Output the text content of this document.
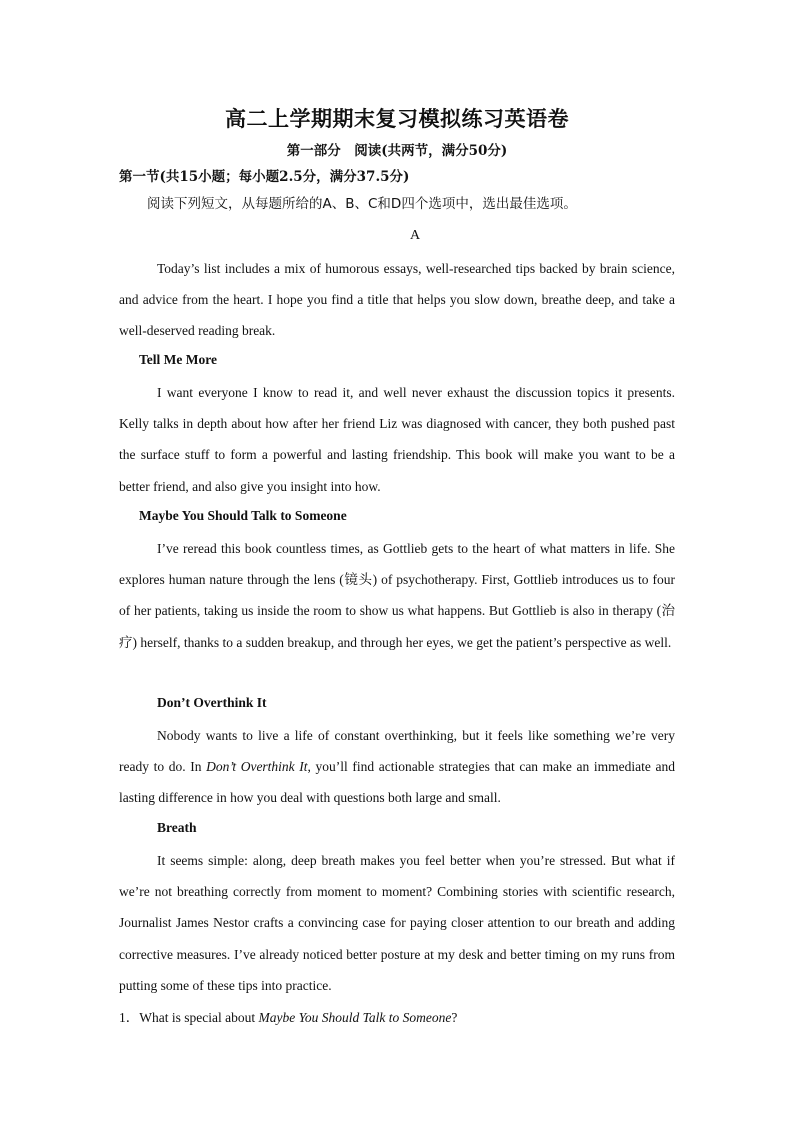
高二上学期期末复习模拟练习英语卷
第一部分　阅读(共两节，满分50分)
第一节(共15小题；每小题2.5分，满分37.5分)
阅读下列短文，从每题所给的A、B、C和D四个选项中，选出最佳选项。
A
Today’s list includes a mix of humorous essays, well-researched tips backed by brain science, and advice from the heart. I hope you find a title that helps you slow down, breathe deep, and take a well-deserved reading break.
Tell Me More
I want everyone I know to read it, and well never exhaust the discussion topics it presents. Kelly talks in depth about how after her friend Liz was diagnosed with cancer, they both pushed past the surface stuff to form a powerful and lasting friendship. This book will make you want to be a better friend, and also give you insight into how.
Maybe You Should Talk to Someone
I’ve reread this book countless times, as Gottlieb gets to the heart of what matters in life. She explores human nature through the lens (镜头) of psychotherapy. First, Gottlieb introduces us to four of her patients, taking us inside the room to show us what happens. But Gottlieb is also in therapy (治疗) herself, thanks to a sudden breakup, and through her eyes, we get the patient’s perspective as well.
Don’t Overthink It
Nobody wants to live a life of constant overthinking, but it feels like something we’re very ready to do. In Don’t Overthink It, you’ll find actionable strategies that can make an immediate and lasting difference in how you deal with questions both large and small.
Breath
It seems simple: along, deep breath makes you feel better when you’re stressed. But what if we’re not breathing correctly from moment to moment? Combining stories with scientific research, Journalist James Nestor crafts a convincing case for paying closer attention to our breath and adding corrective measures. I’ve already noticed better posture at my desk and better timing on my runs from putting some of these tips into practice.
1．What is special about Maybe You Should Talk to Someone?
